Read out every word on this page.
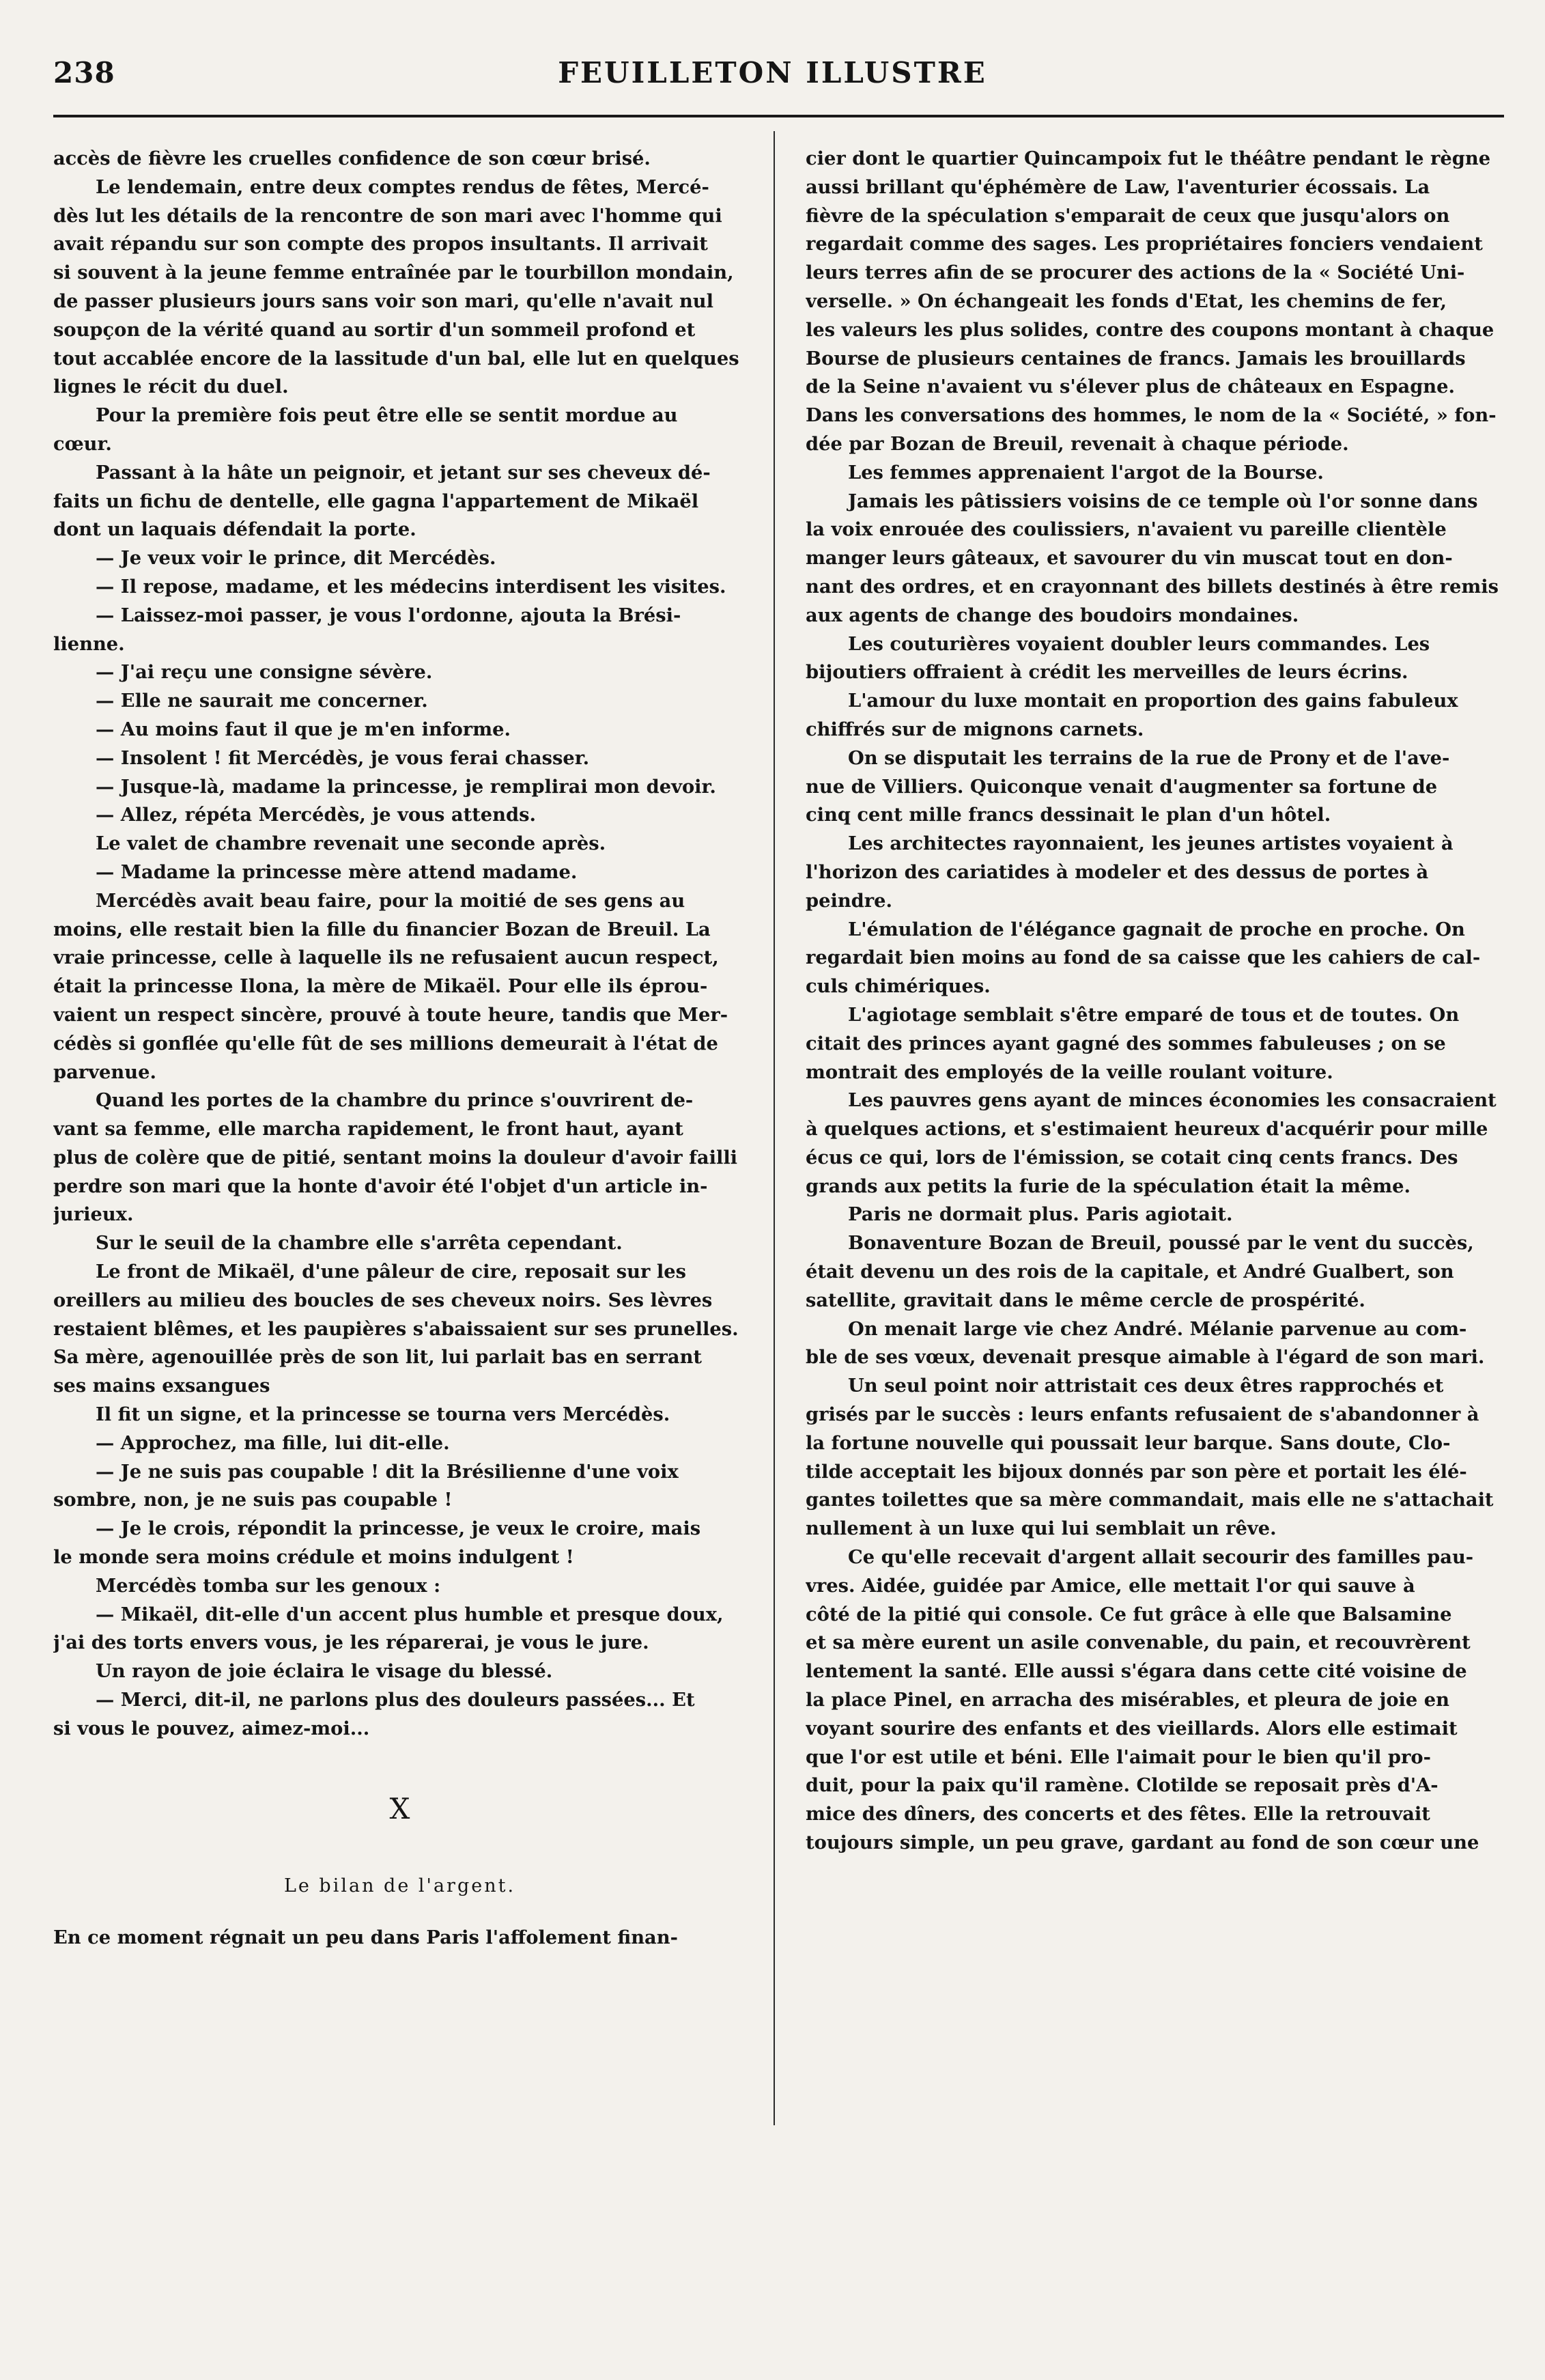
238	FEUILLETON ILLUSTRE
accès de fièvre les cruelles confidence de son cœur brisé.
Le lendemain, entre deux comptes rendus de fêtes, Mercé-
dès lut les détails de la rencontre de son mari avec l'homme qui
avait répandu sur son compte des propos insultants. Il arrivait
si souvent à la jeune femme entraînée par le tourbillon mondain,
de passer plusieurs jours sans voir son mari, qu'elle n'avait nul
soupçon de la vérité quand au sortir d'un sommeil profond et
tout accablée encore de la lassitude d'un bal, elle lut en quelques
lignes le récit du duel.
Pour la première fois peut être elle se sentit mordue au
cœur.
Passant à la hâte un peignoir, et jetant sur ses cheveux dé-
faits un fichu de dentelle, elle gagna l'appartement de Mikaël
dont un laquais défendait la porte.
— Je veux voir le prince, dit Mercédès.
— Il repose, madame, et les médecins interdisent les visites.
— Laissez-moi passer, je vous l'ordonne, ajouta la Brési-
lienne.
— J'ai reçu une consigne sévère.
— Elle ne saurait me concerner.
— Au moins faut il que je m'en informe.
— Insolent ! fit Mercédès, je vous ferai chasser.
— Jusque-là, madame la princesse, je remplirai mon devoir.
— Allez, répéta Mercédès, je vous attends.
Le valet de chambre revenait une seconde après.
— Madame la princesse mère attend madame.
Mercédès avait beau faire, pour la moitié de ses gens au
moins, elle restait bien la fille du financier Bozan de Breuil. La
vraie princesse, celle à laquelle ils ne refusaient aucun respect,
était la princesse Ilona, la mère de Mikaël. Pour elle ils éprou-
vaient un respect sincère, prouvé à toute heure, tandis que Mer-
cédès si gonflée qu'elle fût de ses millions demeurait à l'état de
parvenue.
Quand les portes de la chambre du prince s'ouvrirent de-
vant sa femme, elle marcha rapidement, le front haut, ayant
plus de colère que de pitié, sentant moins la douleur d'avoir failli
perdre son mari que la honte d'avoir été l'objet d'un article in-
jurieux.
Sur le seuil de la chambre elle s'arrêta cependant.
Le front de Mikaël, d'une pâleur de cire, reposait sur les
oreillers au milieu des boucles de ses cheveux noirs. Ses lèvres
restaient blêmes, et les paupières s'abaissaient sur ses prunelles.
Sa mère, agenouillée près de son lit, lui parlait bas en serrant
ses mains exsangues
Il fit un signe, et la princesse se tourna vers Mercédès.
— Approchez, ma fille, lui dit-elle.
— Je ne suis pas coupable ! dit la Brésilienne d'une voix
sombre, non, je ne suis pas coupable !
— Je le crois, répondit la princesse, je veux le croire, mais
le monde sera moins crédule et moins indulgent !
Mercédès tomba sur les genoux :
— Mikaël, dit-elle d'un accent plus humble et presque doux,
j'ai des torts envers vous, je les réparerai, je vous le jure.
Un rayon de joie éclaira le visage du blessé.
— Merci, dit-il, ne parlons plus des douleurs passées... Et
si vous le pouvez, aimez-moi...
X
Le bilan de l'argent.
En ce moment régnait un peu dans Paris l'affolement finan-
cier dont le quartier Quincampoix fut le théâtre pendant le règne
aussi brillant qu'éphémère de Law, l'aventurier écossais. La
fièvre de la spéculation s'emparait de ceux que jusqu'alors on
regardait comme des sages. Les propriétaires fonciers vendaient
leurs terres afin de se procurer des actions de la « Société Uni-
verselle. » On échangeait les fonds d'Etat, les chemins de fer,
les valeurs les plus solides, contre des coupons montant à chaque
Bourse de plusieurs centaines de francs. Jamais les brouillards
de la Seine n'avaient vu s'élever plus de châteaux en Espagne.
Dans les conversations des hommes, le nom de la « Société, » fon-
dée par Bozan de Breuil, revenait à chaque période.
Les femmes apprenaient l'argot de la Bourse.
Jamais les pâtissiers voisins de ce temple où l'or sonne dans
la voix enrouée des coulissiers, n'avaient vu pareille clientèle
manger leurs gâteaux, et savourer du vin muscat tout en don-
nant des ordres, et en crayonnant des billets destinés à être remis
aux agents de change des boudoirs mondaines.
Les couturières voyaient doubler leurs commandes. Les
bijoutiers offraient à crédit les merveilles de leurs écrins.
L'amour du luxe montait en proportion des gains fabuleux
chiffrés sur de mignons carnets.
On se disputait les terrains de la rue de Prony et de l'ave-
nue de Villiers. Quiconque venait d'augmenter sa fortune de
cinq cent mille francs dessinait le plan d'un hôtel.
Les architectes rayonnaient, les jeunes artistes voyaient à
l'horizon des cariatides à modeler et des dessus de portes à
peindre.
L'émulation de l'élégance gagnait de proche en proche. On
regardait bien moins au fond de sa caisse que les cahiers de cal-
culs chimériques.
L'agiotage semblait s'être emparé de tous et de toutes. On
citait des princes ayant gagné des sommes fabuleuses ; on se
montrait des employés de la veille roulant voiture.
Les pauvres gens ayant de minces économies les consacraient
à quelques actions, et s'estimaient heureux d'acquérir pour mille
écus ce qui, lors de l'émission, se cotait cinq cents francs. Des
grands aux petits la furie de la spéculation était la même.
Paris ne dormait plus. Paris agiotait.
Bonaventure Bozan de Breuil, poussé par le vent du succès,
était devenu un des rois de la capitale, et André Gualbert, son
satellite, gravitait dans le même cercle de prospérité.
On menait large vie chez André. Mélanie parvenue au com-
ble de ses vœux, devenait presque aimable à l'égard de son mari.
Un seul point noir attristait ces deux êtres rapprochés et
grisés par le succès : leurs enfants refusaient de s'abandonner à
la fortune nouvelle qui poussait leur barque. Sans doute, Clo-
tilde acceptait les bijoux donnés par son père et portait les élé-
gantes toilettes que sa mère commandait, mais elle ne s'attachait
nullement à un luxe qui lui semblait un rêve.
Ce qu'elle recevait d'argent allait secourir des familles pau-
vres. Aidée, guidée par Amice, elle mettait l'or qui sauve à
côté de la pitié qui console. Ce fut grâce à elle que Balsamine
et sa mère eurent un asile convenable, du pain, et recouvrèrent
lentement la santé. Elle aussi s'égara dans cette cité voisine de
la place Pinel, en arracha des misérables, et pleura de joie en
voyant sourire des enfants et des vieillards. Alors elle estimait
que l'or est utile et béni. Elle l'aimait pour le bien qu'il pro-
duit, pour la paix qu'il ramène. Clotilde se reposait près d'A-
mice des dîners, des concerts et des fêtes. Elle la retrouvait
toujours simple, un peu grave, gardant au fond de son cœur une
